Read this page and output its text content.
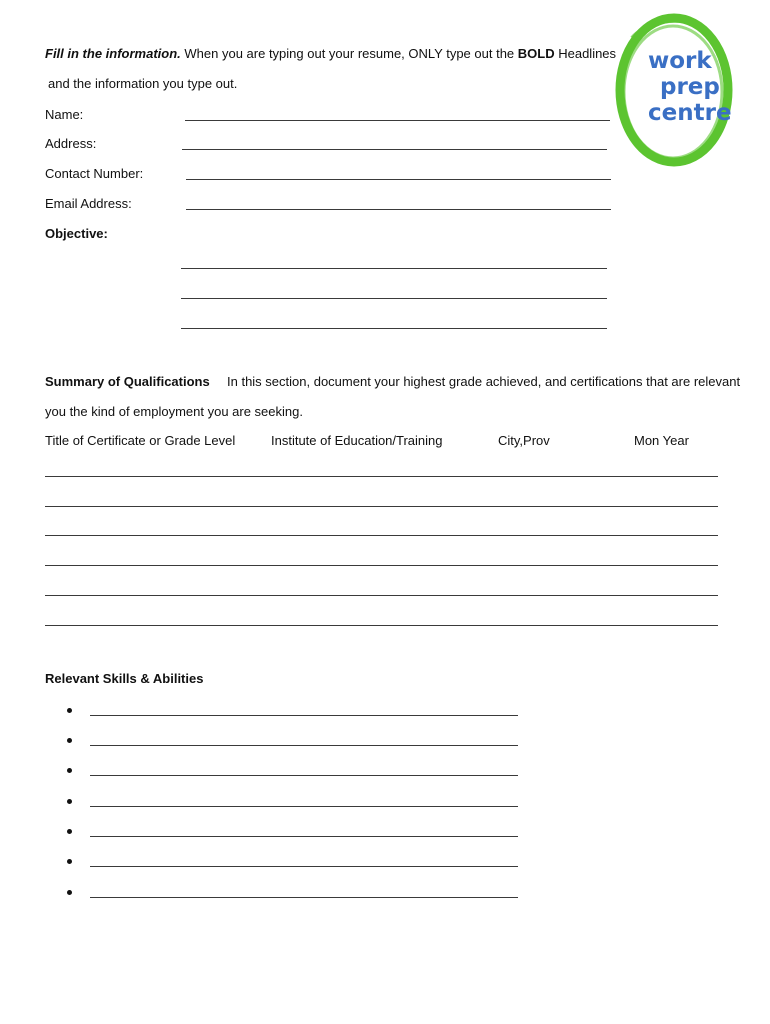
Fill in the information. When you are typing out your resume, ONLY type out the BOLD Headlines
and the information you type out.
work
prep
centre
Name:
Address:
Contact Number:
Email Address:
Objective:
Summary of Qualifications In this section, document your highest grade achieved, and certifications that are relevant
you the kind of employment you are seeking.
Title of Certificate or Grade Level	Institute of Education/Training	City,Prov	Mon Year
Relevant Skills & Abilities
